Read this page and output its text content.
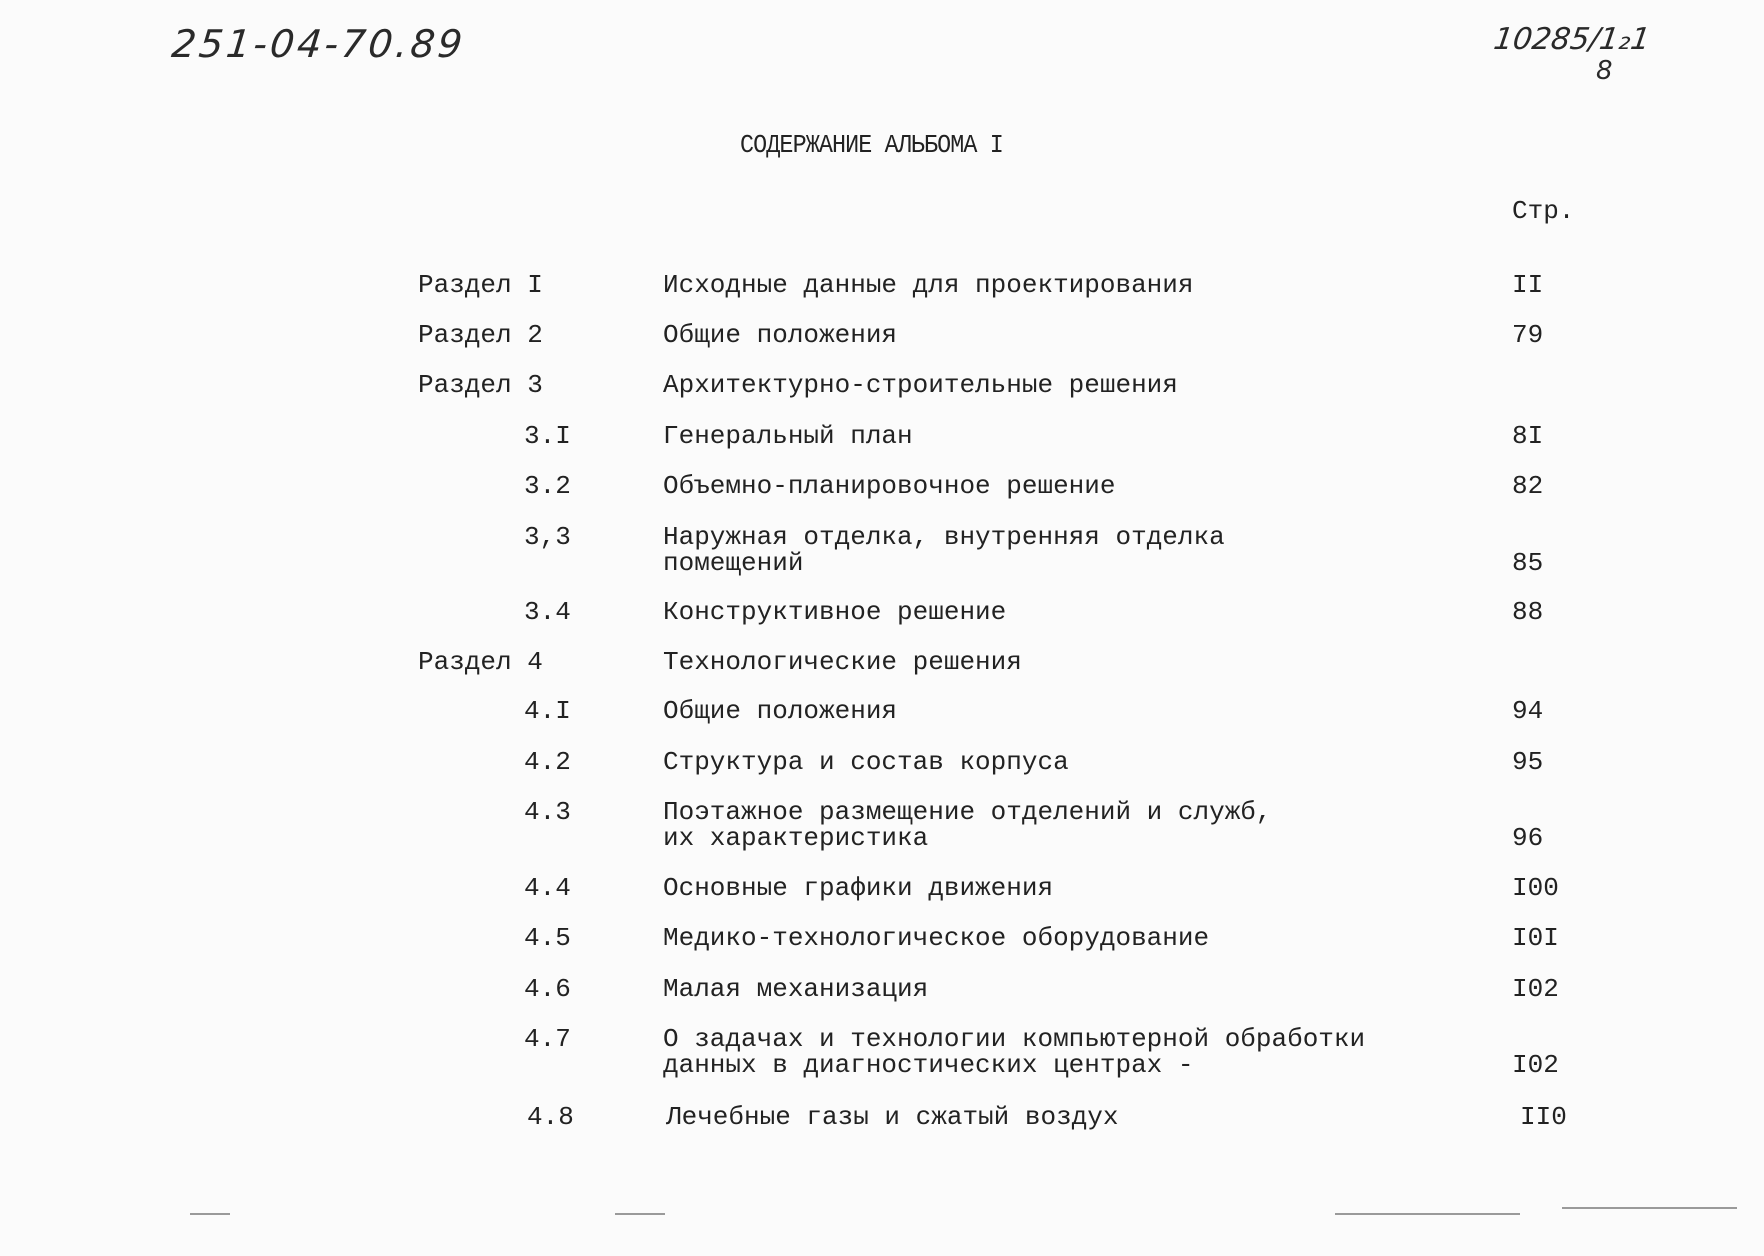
251-04-70.89	10285/1₂1
8
СОДЕРЖАНИЕ АЛЬБОМА I
Стр.
Раздел I	Исходные данные для проектирования	II
Раздел 2	Общие положения	79
Раздел 3	Архитектурно-строительные решения
3.I	Генеральный план	8I
3.2	Объемно-планировочное решение	82
3,3	Наружная отделка, внутренняя отделка
помещений	85
3.4	Конструктивное решение	88
Раздел 4	Технологические решения
4.I	Общие положения	94
4.2	Структура и состав корпуса	95
4.3	Поэтажное размещение отделений и служб,
их характеристика	96
4.4	Основные графики движения	I00
4.5	Медико-технологическое оборудование	I0I
4.6	Малая механизация	I02
4.7	О задачах и технологии компьютерной обработки
данных в диагностических центрах -	I02
4.8	Лечебные газы и сжатый воздух	II0
